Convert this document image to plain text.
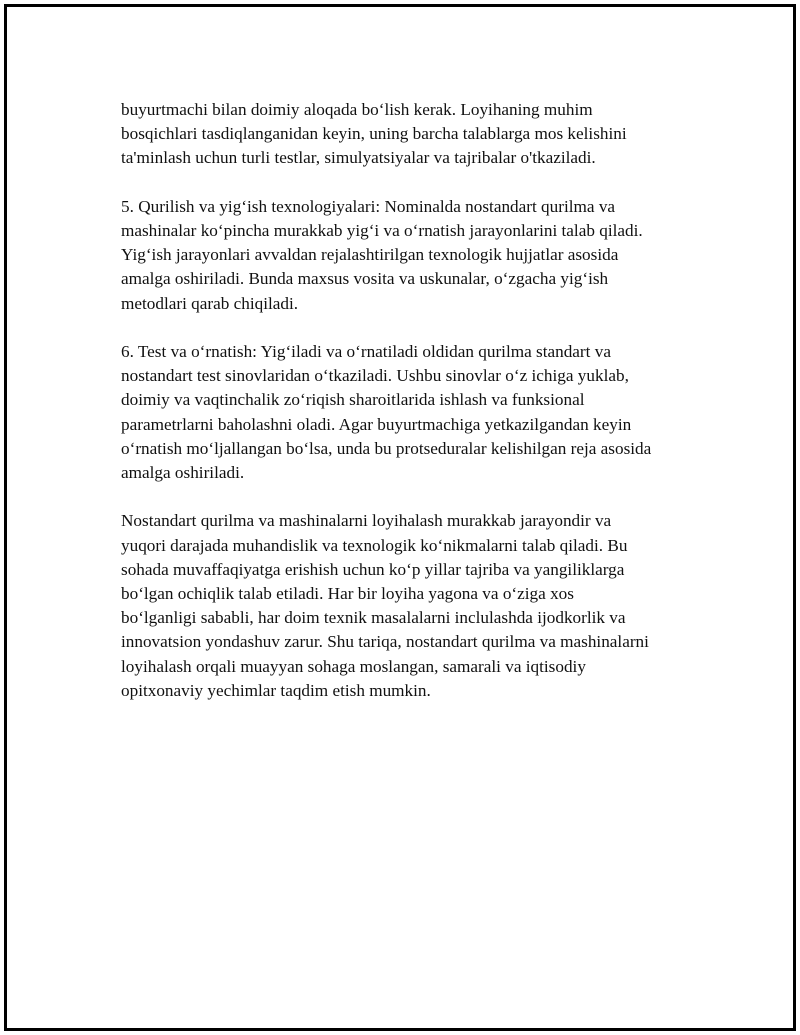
buyurtmachi bilan doimiy aloqada bo‘lish kerak. Loyihaning muhim
bosqichlari tasdiqlanganidan keyin, uning barcha talablarga mos kelishini
ta'minlash uchun turli testlar, simulyatsiyalar va tajribalar o'tkaziladi.

5. Qurilish va yig‘ish texnologiyalari: Nominalda nostandart qurilma va
mashinalar ko‘pincha murakkab yig‘i va o‘rnatish jarayonlarini talab qiladi.
Yig‘ish jarayonlari avvaldan rejalashtirilgan texnologik hujjatlar asosida
amalga oshiriladi. Bunda maxsus vosita va uskunalar, o‘zgacha yig‘ish
metodlari qarab chiqiladi.

6. Test va o‘rnatish: Yig‘iladi va o‘rnatiladi oldidan qurilma standart va
nostandart test sinovlaridan o‘tkaziladi. Ushbu sinovlar o‘z ichiga yuklab,
doimiy va vaqtinchalik zo‘riqish sharoitlarida ishlash va funksional
parametrlarni baholashni oladi. Agar buyurtmachiga yetkazilgandan keyin
o‘rnatish mo‘ljallangan bo‘lsa, unda bu protseduralar kelishilgan reja asosida
amalga oshiriladi.

Nostandart qurilma va mashinalarni loyihalash murakkab jarayondir va
yuqori darajada muhandislik va texnologik ko‘nikmalarni talab qiladi. Bu
sohada muvaffaqiyatga erishish uchun ko‘p yillar tajriba va yangiliklarga
bo‘lgan ochiqlik talab etiladi. Har bir loyiha yagona va o‘ziga xos
bo‘lganligi sababli, har doim texnik masalalarni inclulashda ijodkorlik va
innovatsion yondashuv zarur. Shu tariqa, nostandart qurilma va mashinalarni
loyihalash orqali muayyan sohaga moslangan, samarali va iqtisodiy
opitxonaviy yechimlar taqdim etish mumkin.
